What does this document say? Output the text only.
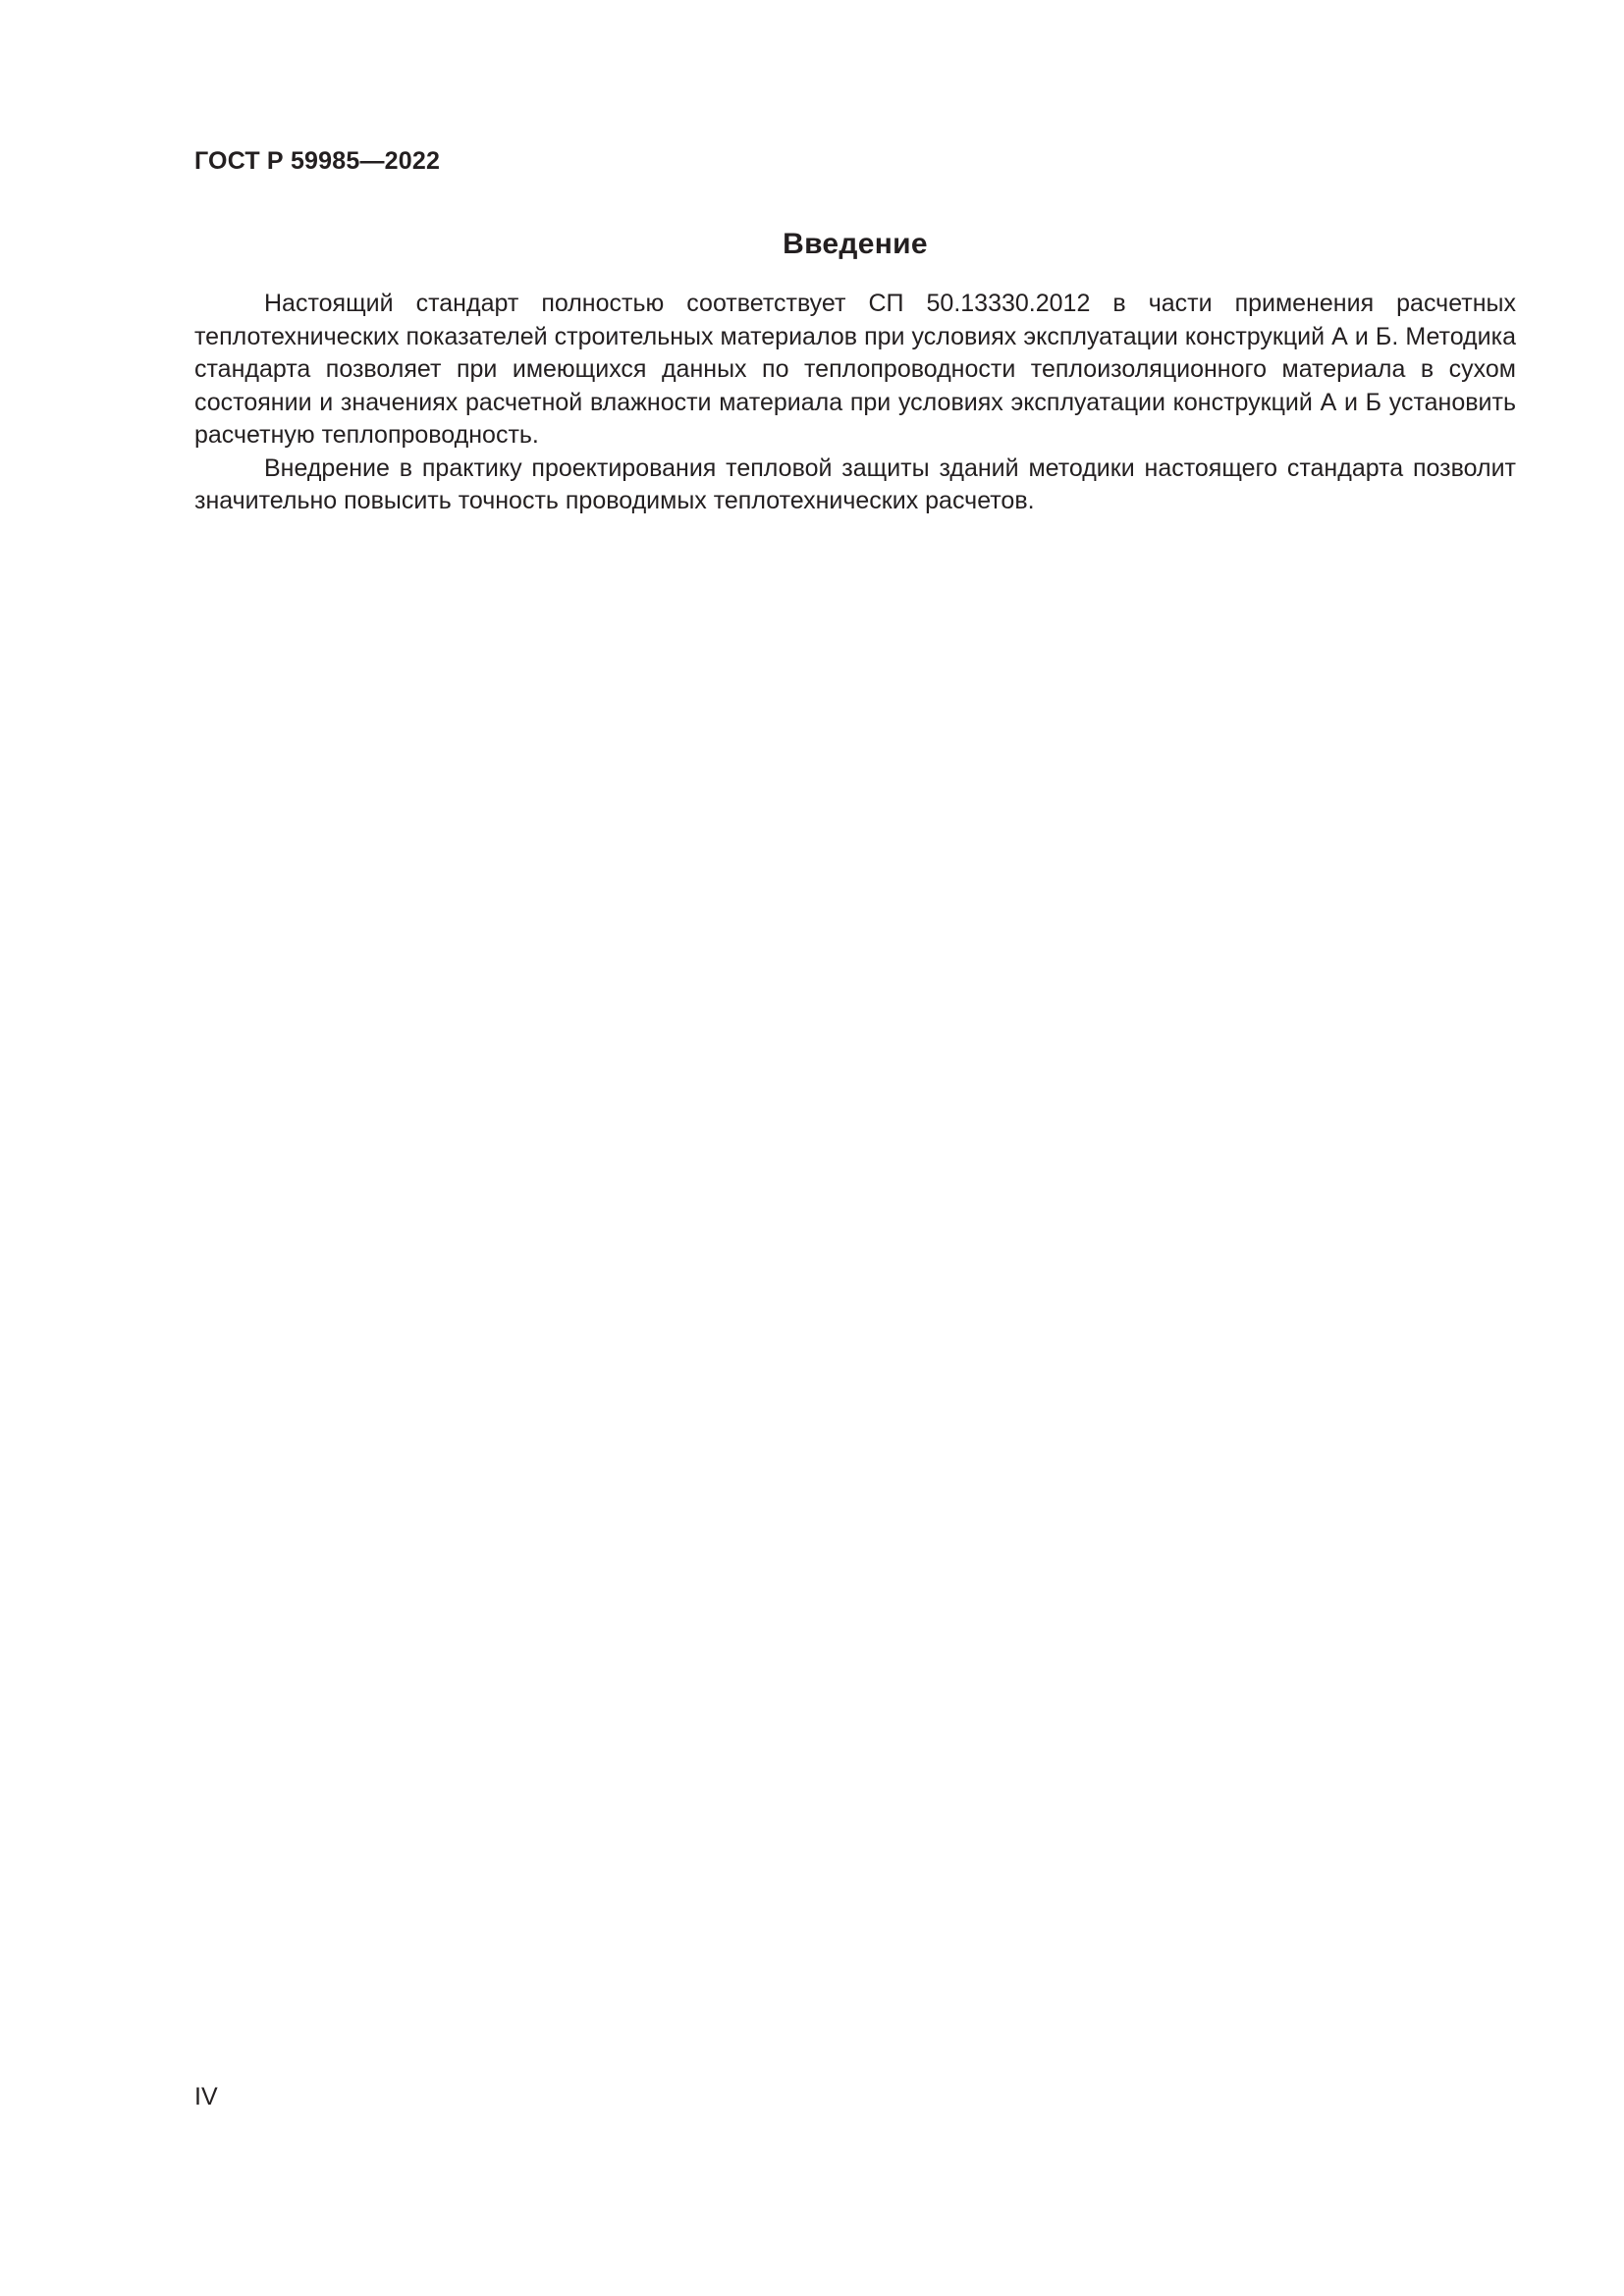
ГОСТ Р 59985—2022
Введение

Настоящий стандарт полностью соответствует СП 50.13330.2012 в части применения расчетных теплотехнических показателей строительных материалов при условиях эксплуатации конструкций А и Б. Методика стандарта позволяет при имеющихся данных по теплопроводности теплоизоляционного материала в сухом состоянии и значениях расчетной влажности материала при условиях эксплуатации конструкций А и Б установить расчетную теплопроводность.

Внедрение в практику проектирования тепловой защиты зданий методики настоящего стандарта позволит значительно повысить точность проводимых теплотехнических расчетов.

IV
